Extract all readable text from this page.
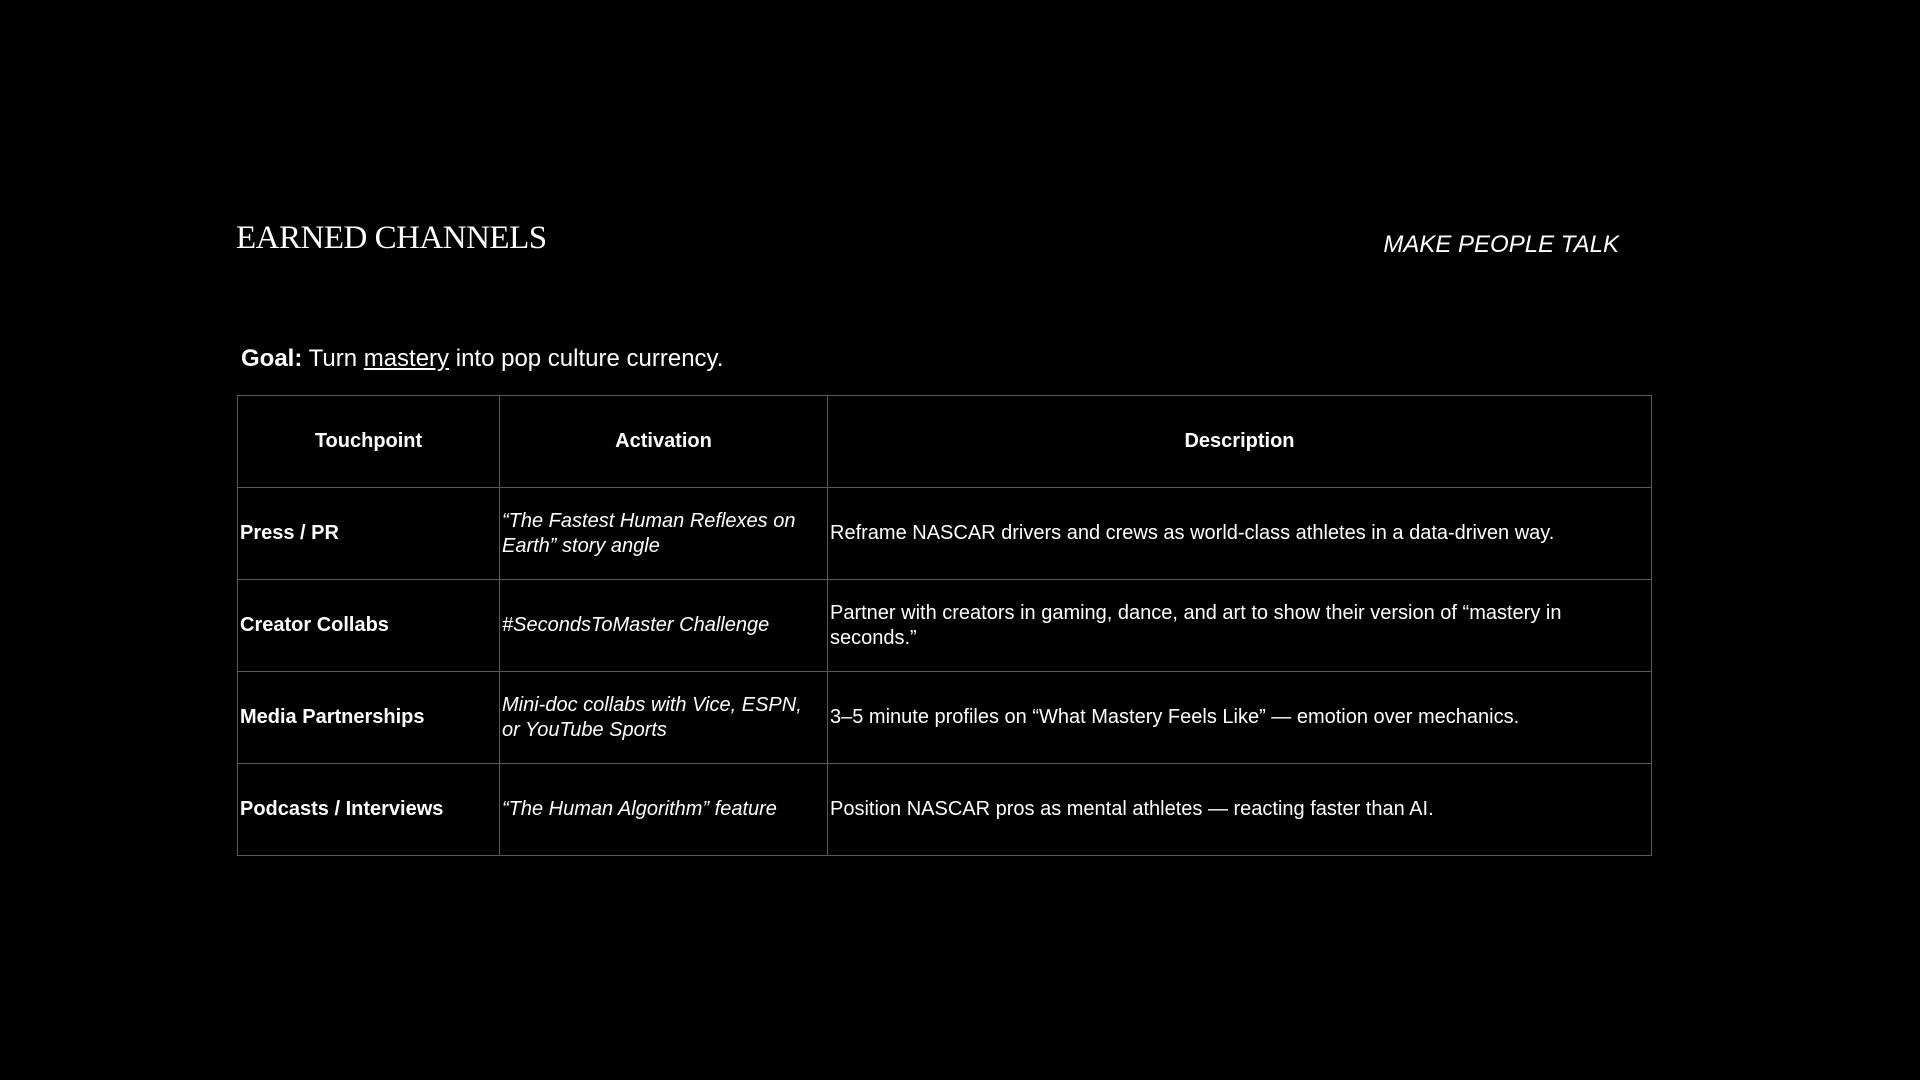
EARNED CHANNELS	MAKE PEOPLE TALK
Goal: Turn mastery into pop culture currency.
Touchpoint	Activation	Description
Press / PR	“The Fastest Human Reflexes on Earth” story angle	Reframe NASCAR drivers and crews as world-class athletes in a data-driven way.
Creator Collabs	#SecondsToMaster Challenge	Partner with creators in gaming, dance, and art to show their version of “mastery in seconds.”
Media Partnerships	Mini-doc collabs with Vice, ESPN, or YouTube Sports	3–5 minute profiles on “What Mastery Feels Like” — emotion over mechanics.
Podcasts / Interviews	“The Human Algorithm” feature	Position NASCAR pros as mental athletes — reacting faster than AI.
